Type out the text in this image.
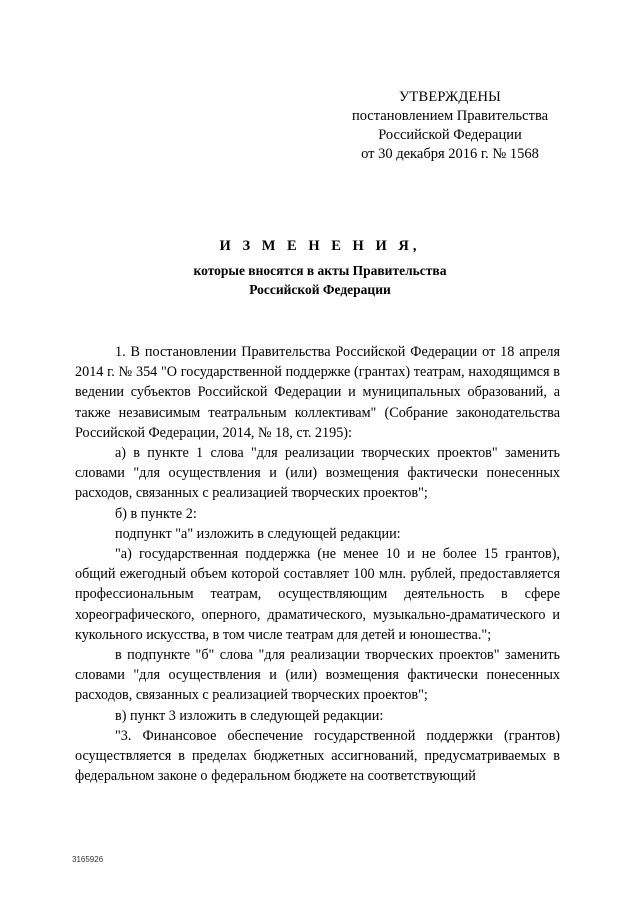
УТВЕРЖДЕНЫ
постановлением Правительства
Российской Федерации
от 30 декабря 2016 г. № 1568
И З М Е Н Е Н И Я,
которые вносятся в акты Правительства
Российской Федерации

1. В постановлении Правительства Российской Федерации от 18 апреля 2014 г. № 354 "О государственной поддержке (грантах) театрам, находящимся в ведении субъектов Российской Федерации и муниципальных образований, а также независимым театральным коллективам" (Собрание законодательства Российской Федерации, 2014, № 18, ст. 2195):

а) в пункте 1 слова "для реализации творческих проектов" заменить словами "для осуществления и (или) возмещения фактически понесенных расходов, связанных с реализацией творческих проектов";

б) в пункте 2:

подпункт "а" изложить в следующей редакции:

"а) государственная поддержка (не менее 10 и не более 15 грантов), общий ежегодный объем которой составляет 100 млн. рублей, предоставляется профессиональным театрам, осуществляющим деятельность в сфере хореографического, оперного, драматического, музыкально-драматического и кукольного искусства, в том числе театрам для детей и юношества.";

в подпункте "б" слова "для реализации творческих проектов" заменить словами "для осуществления и (или) возмещения фактически понесенных расходов, связанных с реализацией творческих проектов";

в) пункт 3 изложить в следующей редакции:

"3. Финансовое обеспечение государственной поддержки (грантов) осуществляется в пределах бюджетных ассигнований, предусматриваемых в федеральном законе о федеральном бюджете на соответствующий

3165926
